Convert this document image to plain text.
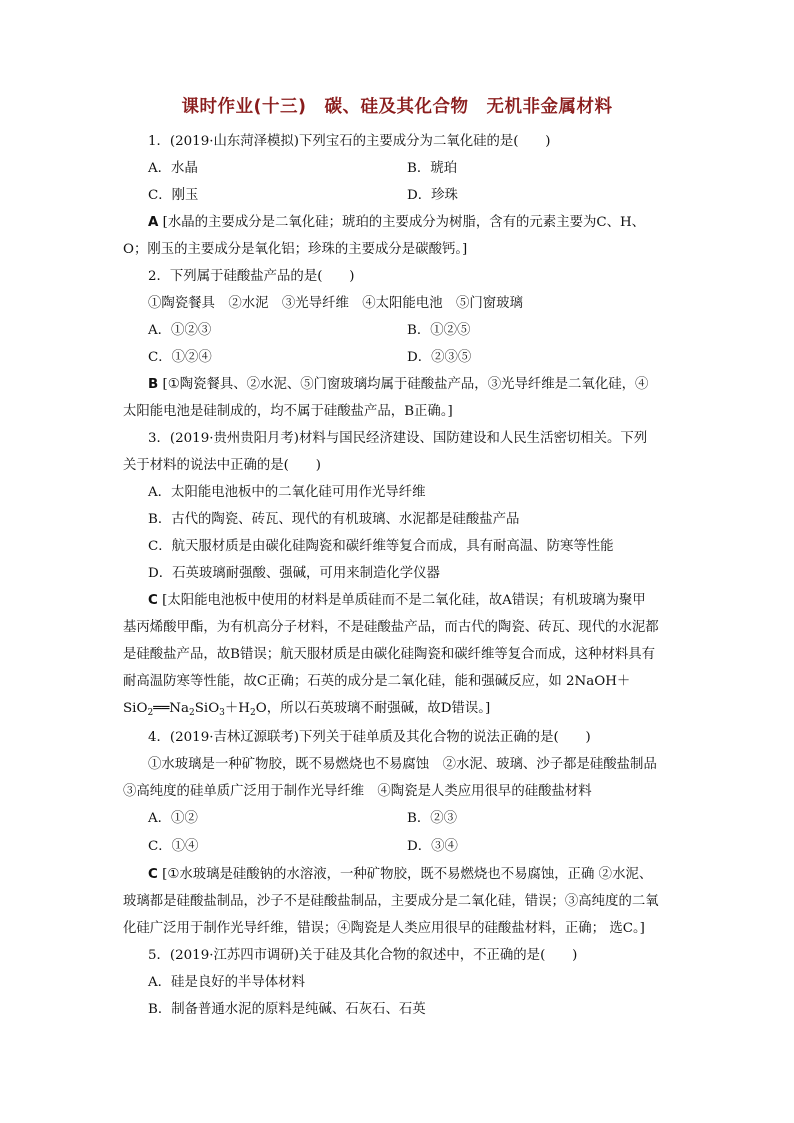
课时作业(十三) 碳、硅及其化合物 无机非金属材料
1．(2019·山东菏泽模拟)下列宝石的主要成分为二氧化硅的是(　　)
A．水晶	B．琥珀
C．刚玉	D．珍珠
A [水晶的主要成分是二氧化硅；琥珀的主要成分为树脂，含有的元素主要为C、H、
O；刚玉的主要成分是氧化铝；珍珠的主要成分是碳酸钙。]
2．下列属于硅酸盐产品的是(　　)
①陶瓷餐具　②水泥　③光导纤维　④太阳能电池　⑤门窗玻璃
A．①②③	B．①②⑤
C．①②④	D．②③⑤
B [①陶瓷餐具、②水泥、⑤门窗玻璃均属于硅酸盐产品，③光导纤维是二氧化硅，④
太阳能电池是硅制成的，均不属于硅酸盐产品，B正确。]
3．(2019·贵州贵阳月考)材料与国民经济建设、国防建设和人民生活密切相关。下列
关于材料的说法中正确的是(　　)
A．太阳能电池板中的二氧化硅可用作光导纤维
B．古代的陶瓷、砖瓦、现代的有机玻璃、水泥都是硅酸盐产品
C．航天服材质是由碳化硅陶瓷和碳纤维等复合而成，具有耐高温、防寒等性能
D．石英玻璃耐强酸、强碱，可用来制造化学仪器
C [太阳能电池板中使用的材料是单质硅而不是二氧化硅，故A错误；有机玻璃为聚甲
基丙烯酸甲酯，为有机高分子材料，不是硅酸盐产品，而古代的陶瓷、砖瓦、现代的水泥都
是硅酸盐产品，故B错误；航天服材质是由碳化硅陶瓷和碳纤维等复合而成，这种材料具有
耐高温防寒等性能，故C正确；石英的成分是二氧化硅，能和强碱反应，如 2NaOH＋
$SiO_2══Na_2SiO_3+H_2O$，所以石英玻璃不耐强碱，故D错误。]
4．(2019·吉林辽源联考)下列关于硅单质及其化合物的说法正确的是(　　)
①水玻璃是一种矿物胶，既不易燃烧也不易腐蚀　②水泥、玻璃、沙子都是硅酸盐制品
③高纯度的硅单质广泛用于制作光导纤维　④陶瓷是人类应用很早的硅酸盐材料
A．①②	B．②③
C．①④	D．③④
C [①水玻璃是硅酸钠的水溶液，一种矿物胶，既不易燃烧也不易腐蚀，正确 ②水泥、
玻璃都是硅酸盐制品，沙子不是硅酸盐制品，主要成分是二氧化硅，错误；③高纯度的二氧
化硅广泛用于制作光导纤维，错误；④陶瓷是人类应用很早的硅酸盐材料，正确； 选C。]
5．(2019·江苏四市调研)关于硅及其化合物的叙述中，不正确的是(　　)
A．硅是良好的半导体材料
B．制备普通水泥的原料是纯碱、石灰石、石英
